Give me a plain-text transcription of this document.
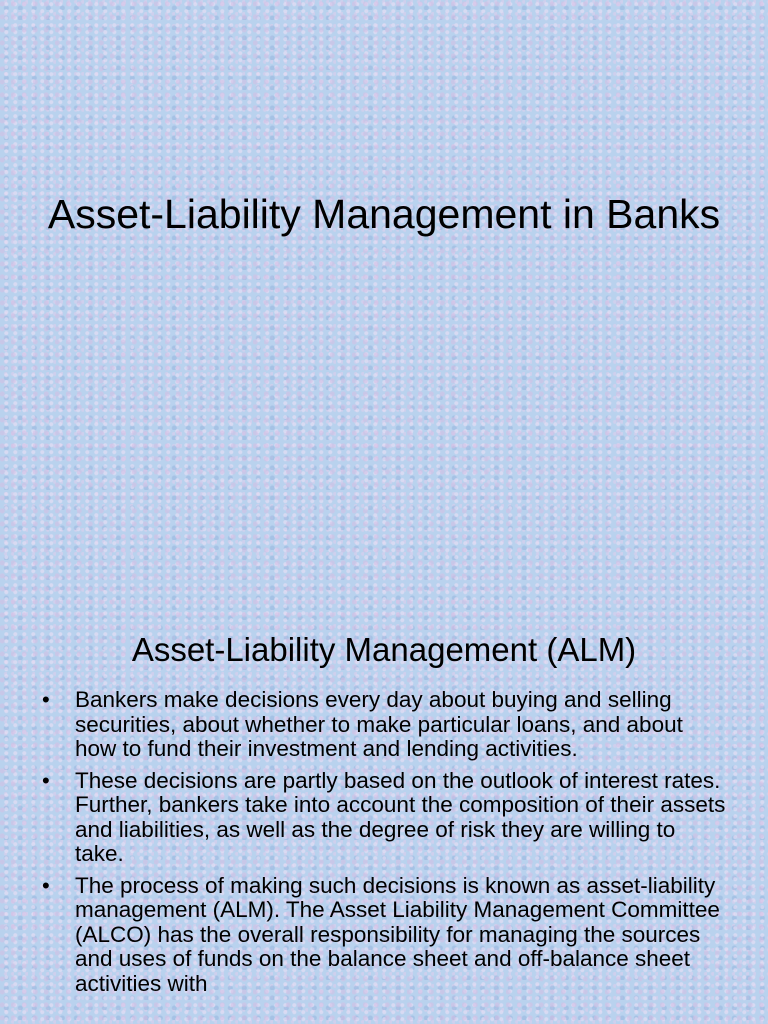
Asset-Liability Management in Banks
Asset-Liability Management (ALM)
• Bankers make decisions every day about buying and selling securities, about whether to make particular loans, and about how to fund their investment and lending activities.
• These decisions are partly based on the outlook of interest rates. Further, bankers take into account the composition of their assets and liabilities, as well as the degree of risk they are willing to take.
• The process of making such decisions is known as asset-liability management (ALM). The Asset Liability Management Committee (ALCO) has the overall responsibility for managing the sources and uses of funds on the balance sheet and off-balance sheet activities with
